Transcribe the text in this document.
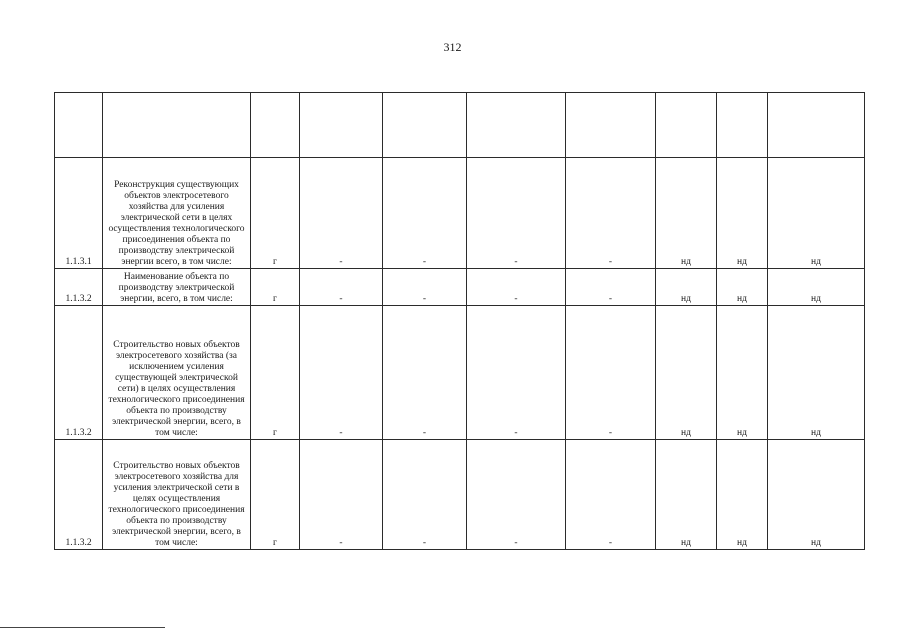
312

1.1.3.1	Реконструкция существующих объектов электросетевого хозяйства для усиления электрической сети в целях осуществления технологического присоединения объекта по производству электрической энергии всего, в том числе:	г	-	-	-	-	нд	нд	нд
1.1.3.2	Наименование объекта по производству электрической энергии, всего, в том числе:	г	-	-	-	-	нд	нд	нд
1.1.3.2	Строительство новых объектов электросетевого хозяйства (за исключением усиления существующей электрической сети) в целях осуществления технологического присоединения объекта по производству электрической энергии, всего, в том числе:	г	-	-	-	-	нд	нд	нд
1.1.3.2	Строительство новых объектов электросетевого хозяйства для усиления электрической сети в целях осуществления технологического присоединения объекта по производству электрической энергии, всего, в том числе:	г	-	-	-	-	нд	нд	нд
